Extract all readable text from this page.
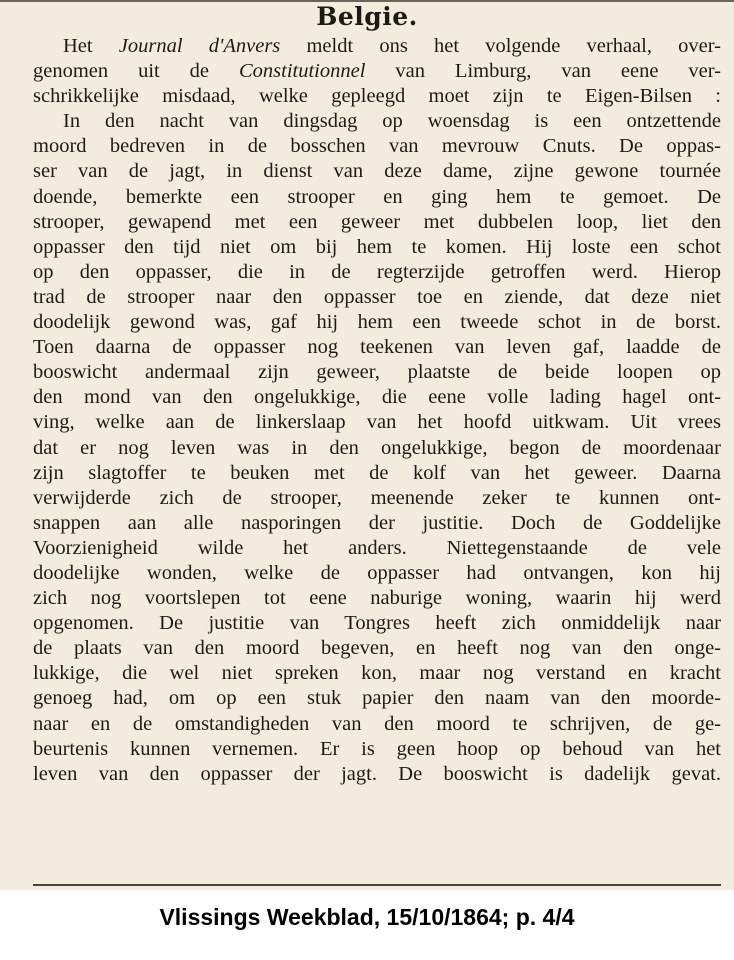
Belgie.
Het Journal d'Anvers meldt ons het volgende verhaal, over-
genomen uit de Constitutionnel van Limburg, van eene ver-
schrikkelijke misdaad, welke gepleegd moet zijn te Eigen-Bilsen :
In den nacht van dingsdag op woensdag is een ontzettende
moord bedreven in de bosschen van mevrouw Cnuts. De oppas-
ser van de jagt, in dienst van deze dame, zijne gewone tournée
doende, bemerkte een strooper en ging hem te gemoet. De
strooper, gewapend met een geweer met dubbelen loop, liet den
oppasser den tijd niet om bij hem te komen. Hij loste een schot
op den oppasser, die in de regterzijde getroffen werd. Hierop
trad de strooper naar den oppasser toe en ziende, dat deze niet
doodelijk gewond was, gaf hij hem een tweede schot in de borst.
Toen daarna de oppasser nog teekenen van leven gaf, laadde de
booswicht andermaal zijn geweer, plaatste de beide loopen op
den mond van den ongelukkige, die eene volle lading hagel ont-
ving, welke aan de linkerslaap van het hoofd uitkwam. Uit vrees
dat er nog leven was in den ongelukkige, begon de moordenaar
zijn slagtoffer te beuken met de kolf van het geweer. Daarna
verwijderde zich de strooper, meenende zeker te kunnen ont-
snappen aan alle nasporingen der justitie. Doch de Goddelijke
Voorzienigheid wilde het anders. Niettegenstaande de vele
doodelijke wonden, welke de oppasser had ontvangen, kon hij
zich nog voortslepen tot eene naburige woning, waarin hij werd
opgenomen. De justitie van Tongres heeft zich onmiddelijk naar
de plaats van den moord begeven, en heeft nog van den onge-
lukkige, die wel niet spreken kon, maar nog verstand en kracht
genoeg had, om op een stuk papier den naam van den moorde-
naar en de omstandigheden van den moord te schrijven, de ge-
beurtenis kunnen vernemen. Er is geen hoop op behoud van het
leven van den oppasser der jagt. De booswicht is dadelijk gevat.
Vlissings Weekblad, 15/10/1864; p. 4/4
